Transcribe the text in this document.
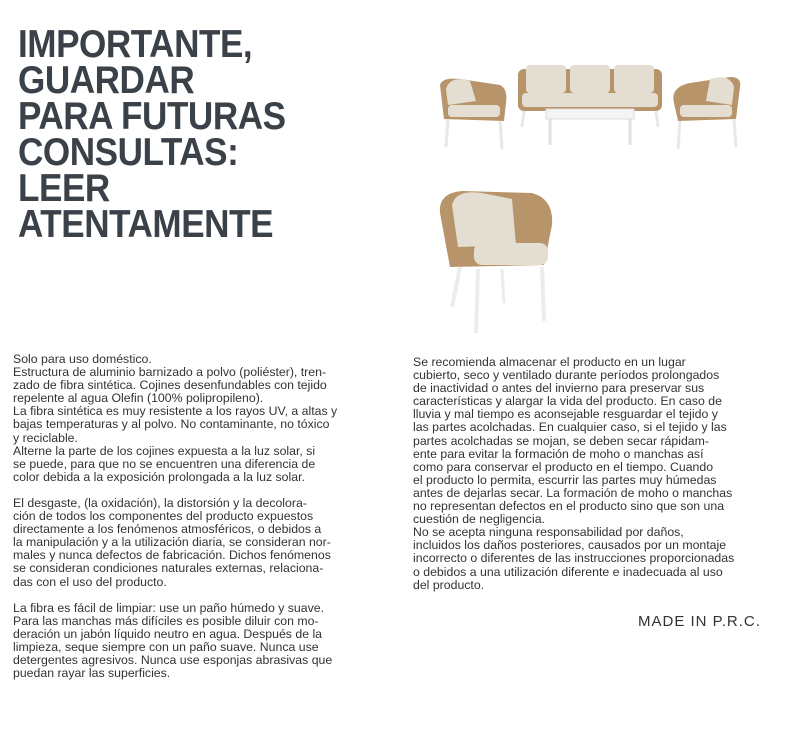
IMPORTANTE,
GUARDAR
PARA FUTURAS
CONSULTAS:
LEER
ATENTAMENTE

Solo para uso doméstico.

Estructura de aluminio barnizado a polvo (poliéster), tren-

zado de fibra sintética. Cojines desenfundables con tejido

repelente al agua Olefin (100% polipropileno).

La fibra sintética es muy resistente a los rayos UV, a altas y

bajas temperaturas y al polvo. No contaminante, no tóxico

y reciclable.

Alterne la parte de los cojines expuesta a la luz solar, si

se puede, para que no se encuentren una diferencia de

color debida a la exposición prolongada a la luz solar.

El desgaste, (la oxidación), la distorsión y la decolora-

ción de todos los componentes del producto expuestos

directamente a los fenómenos atmosféricos, o debidos a

la manipulación y a la utilización diaria, se consideran nor-

males y nunca defectos de fabricación. Dichos fenómenos

se consideran condiciones naturales externas, relaciona-

das con el uso del producto.

La fibra es fácil de limpiar: use un paño húmedo y suave.

Para las manchas más difíciles es posible diluir con mo-

deración un jabón líquido neutro en agua. Después de la

limpieza, seque siempre con un paño suave. Nunca use

detergentes agresivos. Nunca use esponjas abrasivas que

puedan rayar las superficies.

Se recomienda almacenar el producto en un lugar

cubierto, seco y ventilado durante períodos prolongados

de inactividad o antes del invierno para preservar sus

características y alargar la vida del producto. En caso de

lluvia y mal tiempo es aconsejable resguardar el tejido y

las partes acolchadas. En cualquier caso, si el tejido y las

partes acolchadas se mojan, se deben secar rápidam-

ente para evitar la formación de moho o manchas así

como para conservar el producto en el tiempo. Cuando

el producto lo permita, escurrir las partes muy húmedas

antes de dejarlas secar. La formación de moho o manchas

no representan defectos en el producto sino que son una

cuestión de negligencia.

No se acepta ninguna responsabilidad por daños,

incluidos los daños posteriores, causados por un montaje

incorrecto o diferentes de las instrucciones proporcionadas

o debidos a una utilización diferente e inadecuada al uso

del producto.

MADE IN P.R.C.
